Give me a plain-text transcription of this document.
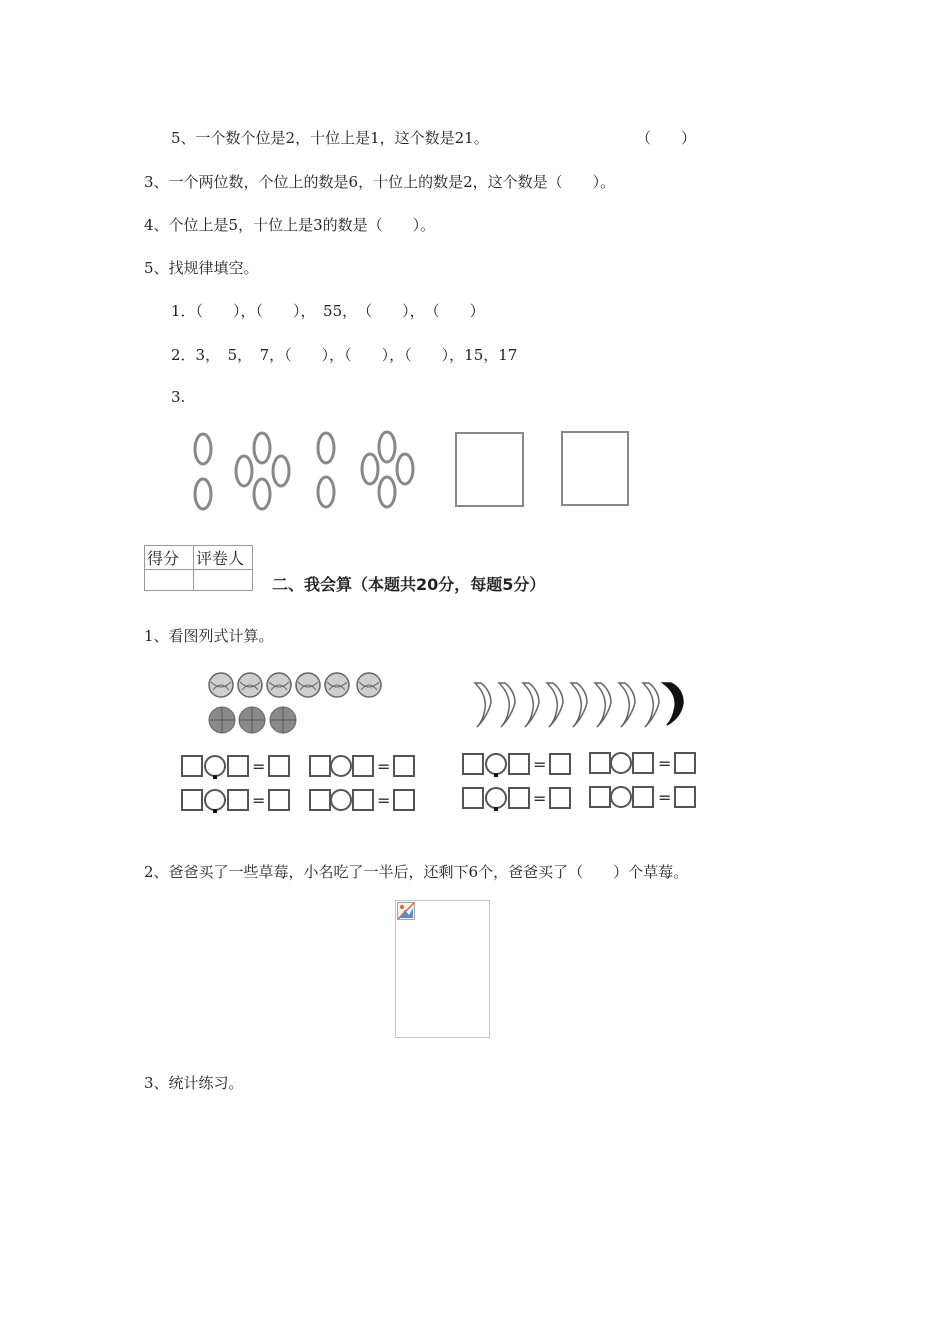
5、一个数个位是2，十位上是1，这个数是21。	（　　）
3、一个两位数，个位上的数是6，十位上的数是2，这个数是（　　）。
4、个位上是5，十位上是3的数是（　　）。
5、找规律填空。
1．（　　），（　　），　55，　（　　），　（　　）
2．3，　5，　7，（　　），（　　），（　　），15，17
3.
得分	评卷人

二、我会算（本题共20分，每题5分）
1、看图列式计算。
=	=
=	=
=	=
=	=
2、爸爸买了一些草莓，小名吃了一半后，还剩下6个，爸爸买了（　　）个草莓。
3、统计练习。
